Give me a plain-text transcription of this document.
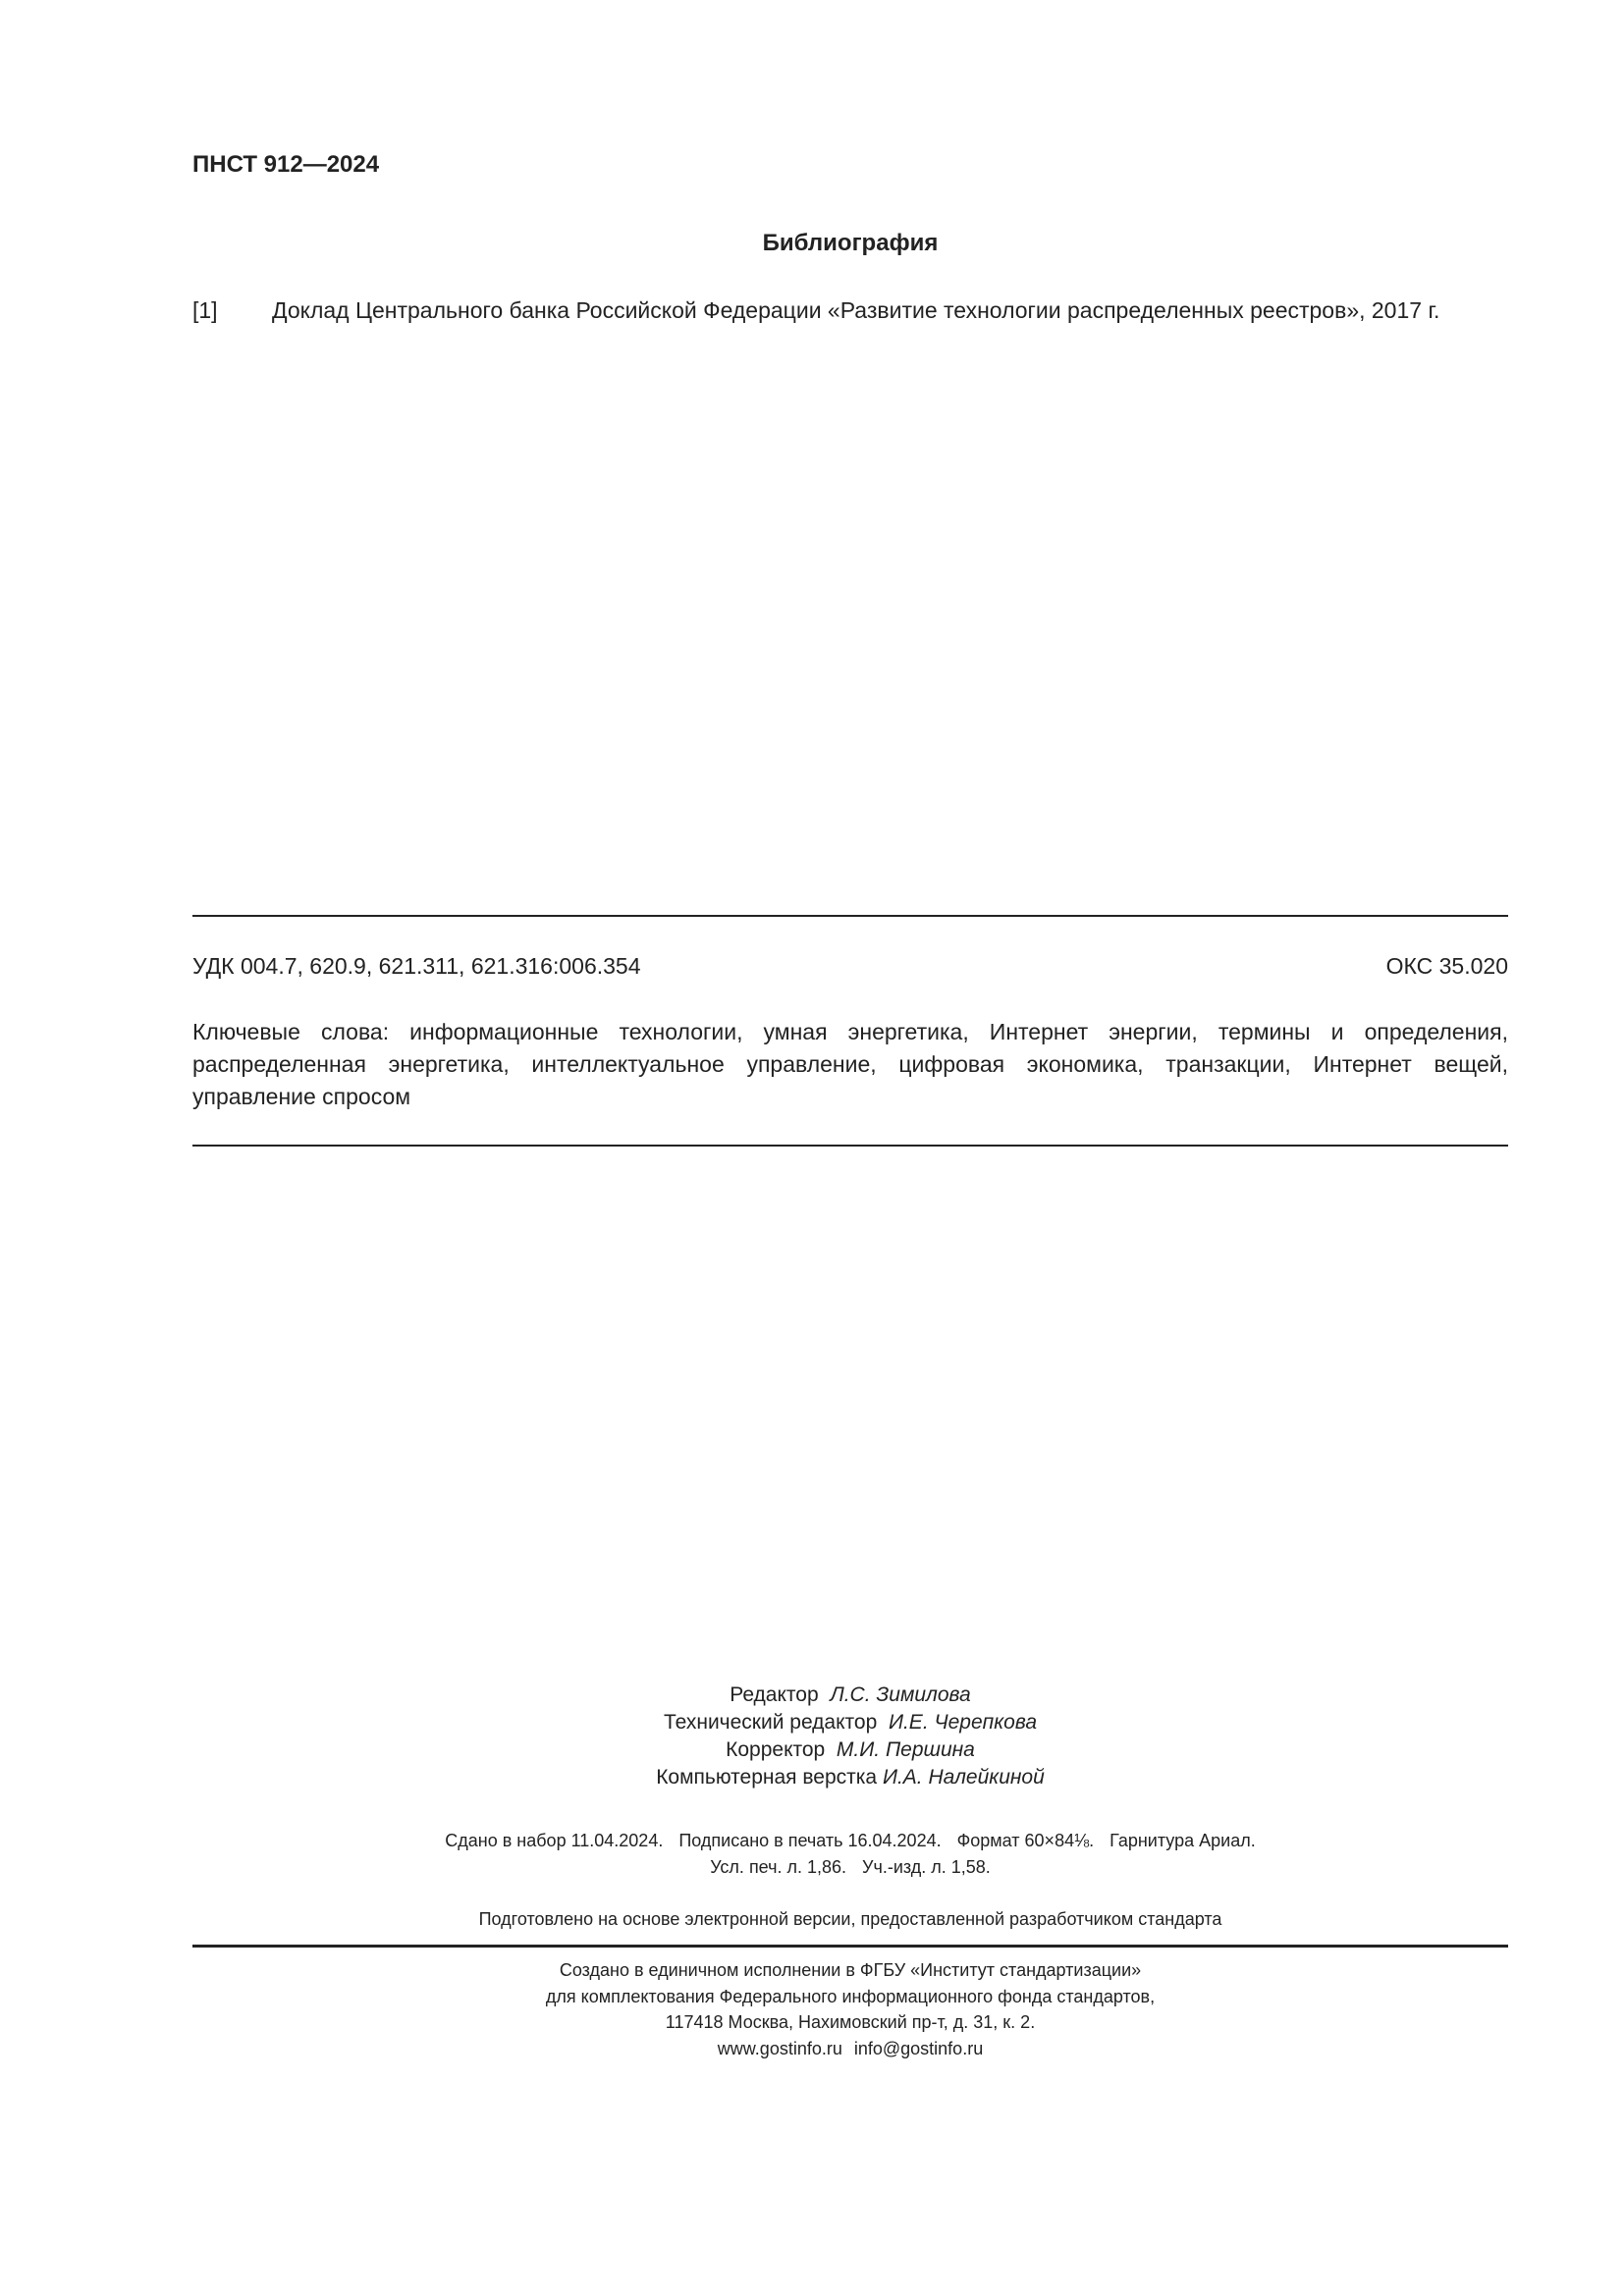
ПНСТ 912—2024
Библиография
[1]	Доклад Центрального банка Российской Федерации «Развитие технологии распределенных реестров», 2017 г.
УДК 004.7, 620.9, 621.311, 621.316:006.354	ОКС 35.020
Ключевые слова: информационные технологии, умная энергетика, Интернет энергии, термины и определения, распределенная энергетика, интеллектуальное управление, цифровая экономика, транзакции, Интернет вещей, управление спросом
Редактор Л.С. Зимилова
Технический редактор И.Е. Черепкова
Корректор М.И. Першина
Компьютерная верстка И.А. Налейкиной
Сдано в набор 11.04.2024. Подписано в печать 16.04.2024. Формат 60×84⅛. Гарнитура Ариал.
Усл. печ. л. 1,86. Уч.-изд. л. 1,58.
Подготовлено на основе электронной версии, предоставленной разработчиком стандарта
Создано в единичном исполнении в ФГБУ «Институт стандартизации»
для комплектования Федерального информационного фонда стандартов,
117418 Москва, Нахимовский пр-т, д. 31, к. 2.
www.gostinfo.ru info@gostinfo.ru
